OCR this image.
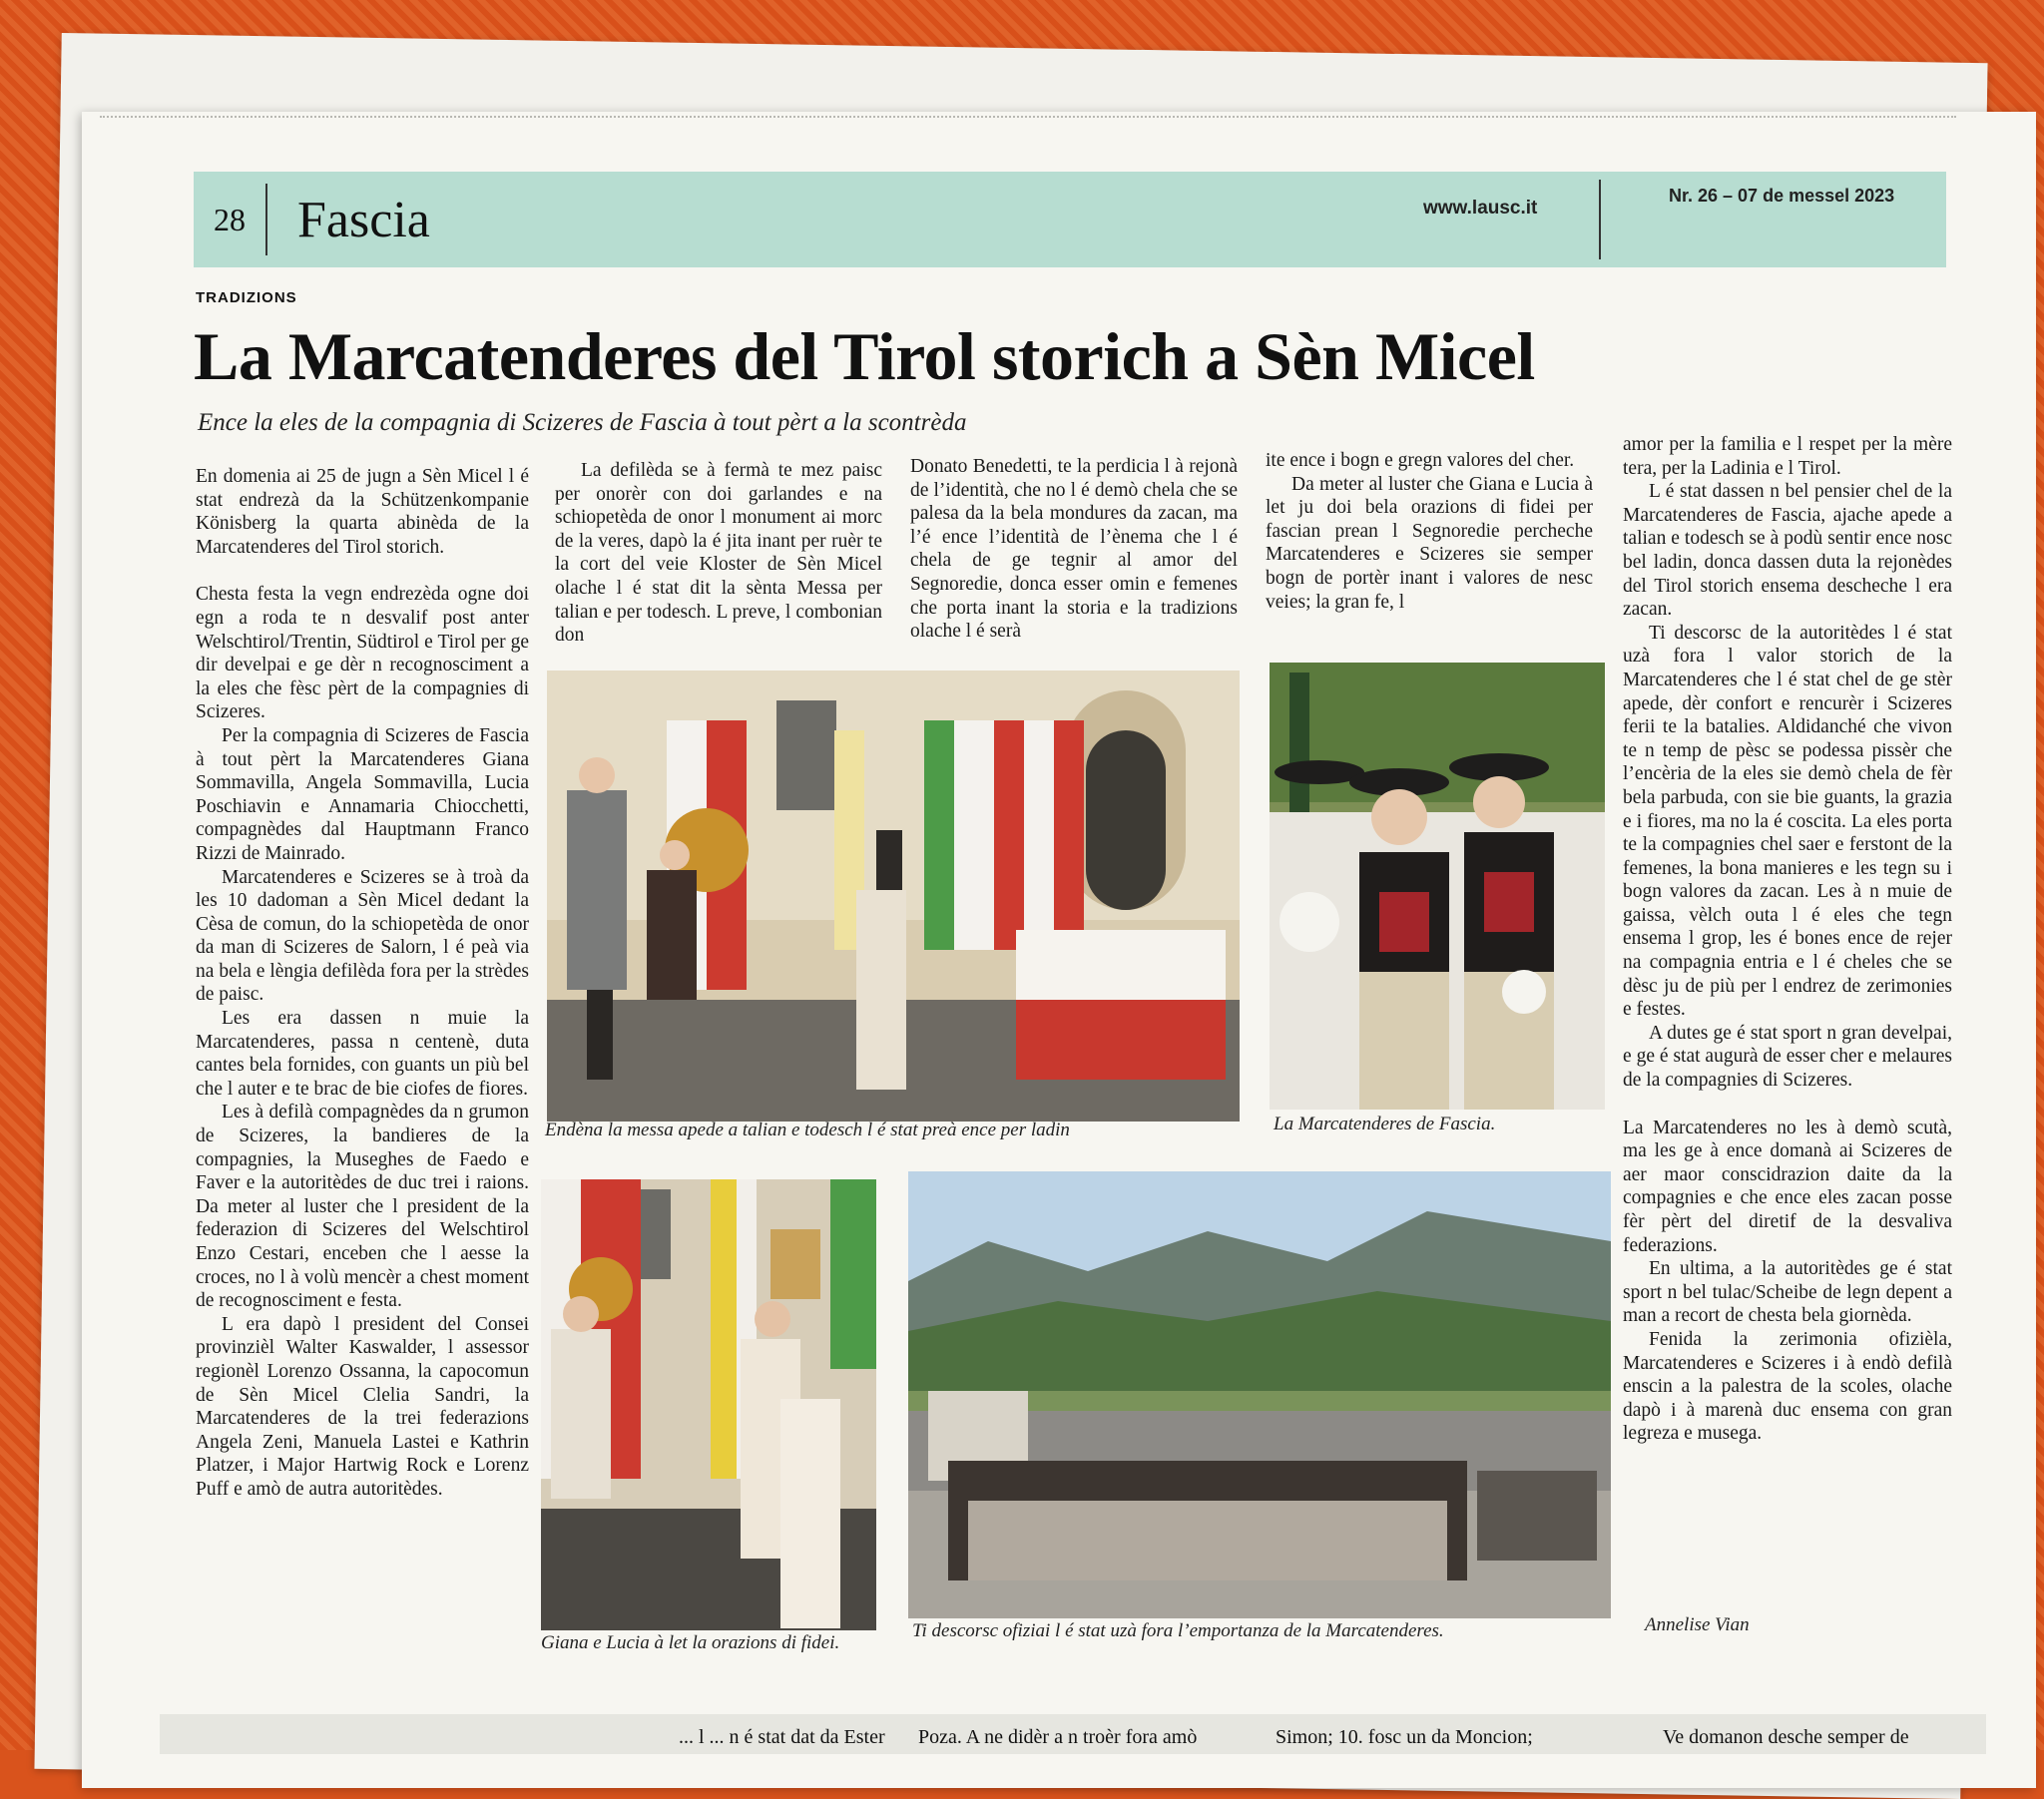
28	Fascia	www.lausc.it
Nr. 26 – 07 de messel 2023
TRADIZIONS
La Marcatenderes del Tirol storich a Sèn Micel
Ence la eles de la compagnia di Scizeres de Fascia à tout pèrt a la scontrèda

En domenia ai 25 de jugn a Sèn Micel l é stat endrezà da la Schützenkompanie Könisberg la quarta abinèda de la Marcatenderes del Tirol storich.

Chesta festa la vegn endrezèda ogne doi egn a roda te n desvalif post anter Welschtirol/Trentin, Südtirol e Tirol per ge dir develpai e ge dèr n recognosciment a la eles che fèsc pèrt de la compagnies di Scizeres.

Per la compagnia di Scizeres de Fascia à tout pèrt la Marcatenderes Giana Sommavilla, Angela Sommavilla, Lucia Poschiavin e Annamaria Chiocchetti, compagnèdes dal Hauptmann Franco Rizzi de Mainrado.

Marcatenderes e Scizeres se à troà da les 10 dadoman a Sèn Micel dedant la Cèsa de comun, do la schiopetèda de onor da man di Scizeres de Salorn, l é peà via na bela e lèngia defilèda fora per la strèdes de paisc.

Les era dassen n muie la Marcatenderes, passa n centenè, duta cantes bela fornides, con guants un più bel che l auter e te brac de bie ciofes de fiores.

Les à defilà compagnèdes da n grumon de Scizeres, la bandieres de la compagnies, la Museghes de Faedo e Faver e la autoritèdes de duc trei i raions. Da meter al luster che l president de la federazion di Scizeres del Welschtirol Enzo Cestari, enceben che l aesse la croces, no l à volù mencèr a chest moment de recognosciment e festa.

L era dapò l president del Consei provinzièl Walter Kaswalder, l assessor regionèl Lorenzo Ossanna, la capocomun de Sèn Micel Clelia Sandri, la Marcatenderes de la trei federazions Angela Zeni, Manuela Lastei e Kathrin Platzer, i Major Hartwig Rock e Lorenz Puff e amò de autra autoritèdes.

La defilèda se à fermà te mez paisc per onorèr con doi garlandes e na schiopetèda de onor l monument ai morc de la veres, dapò la é jita inant per ruèr te la cort del veie Kloster de Sèn Micel olache l é stat dit la sènta Messa per talian e per todesch. L preve, l combonian don

Donato Benedetti, te la perdicia l à rejonà de l’identità, che no l é demò chela che se palesa da la bela mondures da zacan, ma l’é ence l’identità de l’ènema che l é chela de ge tegnir al amor del Segnoredie, donca esser omin e femenes che porta inant la storia e la tradizions olache l é serà

ite ence i bogn e gregn valores del cher.

Da meter al luster che Giana e Lucia à let ju doi bela orazions di fidei per fascian prean l Segnoredie percheche Marcatenderes e Scizeres sie semper bogn de portèr inant i valores de nesc veies; la gran fe, l

amor per la familia e l respet per la mère tera, per la Ladinia e l Tirol.

L é stat dassen n bel pensier chel de la Marcatenderes de Fascia, ajache apede a talian e todesch se à podù sentir ence nosc bel ladin, donca dassen duta la rejonèdes del Tirol storich ensema descheche l era zacan.

Ti descorsc de la autoritèdes l é stat uzà fora l valor storich de la Marcatenderes che l é stat chel de ge stèr apede, dèr confort e rencurèr i Scizeres ferii te la batalies. Aldidanché che vivon te n temp de pèsc se podessa pissèr che l’encèria de la eles sie demò chela de fèr bela parbuda, con sie bie guants, la grazia e i fiores, ma no la é coscita. La eles porta te la compagnies chel saer e ferstont de la femenes, la bona manieres e les tegn su i bogn valores da zacan. Les à n muie de gaissa, vèlch outa l é eles che tegn ensema l grop, les é bones ence de rejer na compagnia entria e l é cheles che se dèsc ju de più per l endrez de zerimonies e festes.

A dutes ge é stat sport n gran develpai, e ge é stat augurà de esser cher e melaures de la compagnies di Scizeres.

La Marcatenderes no les à demò scutà, ma les ge à ence domanà ai Scizeres de aer maor conscidrazion daite da la compagnies e che ence eles zacan posse fèr pèrt del diretif de la desvaliva federazions.

En ultima, a la autoritèdes ge é stat sport n bel tulac/Scheibe de legn depent a man a recort de chesta bela giornèda.

Fenida la zerimonia ofizièla, Marcatenderes e Scizeres i à endò defilà enscin a la palestra de la scoles, olache dapò i à marenà duc ensema con gran legreza e musega.

Endèna la messa apede a talian e todesch l é stat preà ence per ladin	La Marcatenderes de Fascia.
Giana e Lucia à let la orazions di fidei.
Ti descorsc ofiziai l é stat uzà fora l’emportanza de la Marcatenderes.	Annelise Vian
... l ... n é stat dat da Ester Poza. A ne didèr a n troèr fora amò	Simon; 10. fosc un da Moncion;	Ve domanon desche semper de
